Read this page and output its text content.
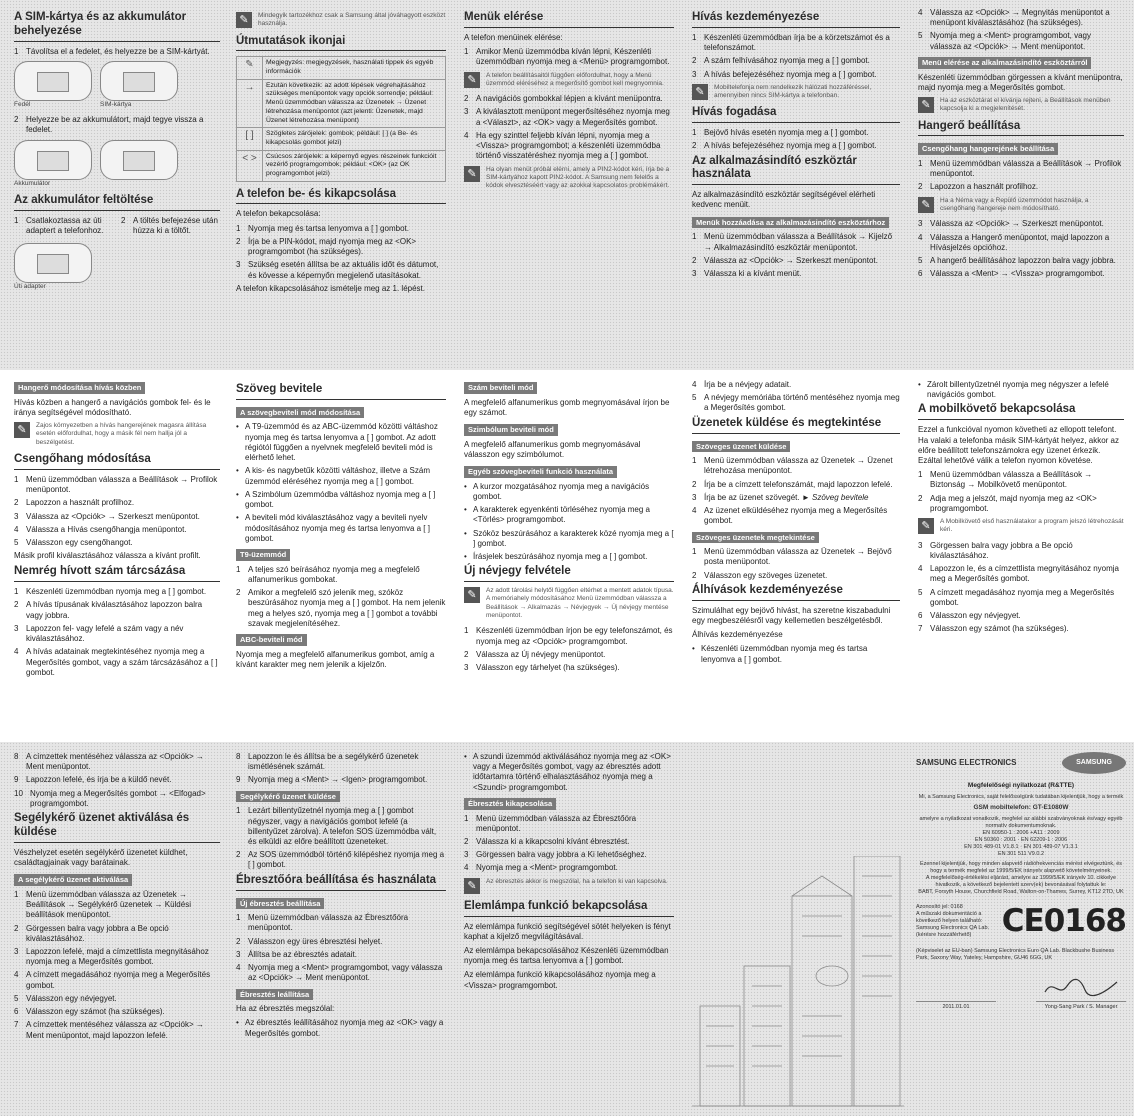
A SIM-kártya és az akkumulátor behelyezése
1 Távolítsa el a fedelet, és helyezze be a SIM-kártyát.
Fedél	SIM-kártya
2 Helyezze be az akkumulátort, majd tegye vissza a fedelet.
Akkumulátor
Az akkumulátor feltöltése
1 Csatlakoztassa az úti adaptert a telefonhoz.
2 A töltés befejezése után húzza ki a töltőt.
Úti adapter
✎	Mindegyik tartozékhoz csak a Samsung által jóváhagyott eszközt használja.
Útmutatások ikonjai
✎	Megjegyzés: megjegyzések, használati tippek és egyéb információk
→	Ezután következik: az adott lépések végrehajtásához szükséges menüpontok vagy opciók sorrendje; például: Menü üzemmódban válassza az Üzenetek → Üzenet létrehozása menüpontot (azt jelenti: Üzenetek, majd Üzenet létrehozása menüpont)
[ ]	Szögletes zárójelek: gombok; például: [ ] (a Be- és kikapcsolás gombot jelzi)
< >	Csúcsos zárójelek: a képernyő egyes részeinek funkcióit vezérlő programgombok; például: <OK> (az OK programgombot jelzi)
A telefon be- és kikapcsolása
A telefon bekapcsolása:
1 Nyomja meg és tartsa lenyomva a [ ] gombot.
2 Írja be a PIN-kódot, majd nyomja meg az <OK> programgombot (ha szükséges).
3 Szükség esetén állítsa be az aktuális időt és dátumot, és kövesse a képernyőn megjelenő utasításokat.
A telefon kikapcsolásához ismételje meg az 1. lépést.
Menük elérése
A telefon menüinek elérése:
1 Amikor Menü üzemmódba kíván lépni, Készenléti üzemmódban nyomja meg a <Menü> programgombot.
✎	A telefon beállításaitól függően előfordulhat, hogy a Menü üzemmód eléréséhez a megerősítő gombot kell megnyomnia.
2 A navigációs gombokkal lépjen a kívánt menüpontra.
3 A kiválasztott menüpont megerősítéséhez nyomja meg a <Választ>, az <OK> vagy a Megerősítés gombot.
4 Ha egy szinttel feljebb kíván lépni, nyomja meg a <Vissza> programgombot; a készenléti üzemmódba történő visszatéréshez nyomja meg a [ ] gombot.
✎	Ha olyan menüt próbál elérni, amely a PIN2-kódot kéri, írja be a SIM-kártyához kapott PIN2-kódot. A Samsung nem felelős a kódok elvesztéséért vagy az azokkal kapcsolatos problémákért.
Hívás kezdeményezése
1 Készenléti üzemmódban írja be a körzetszámot és a telefonszámot.
2 A szám felhívásához nyomja meg a [ ] gombot.
3 A hívás befejezéséhez nyomja meg a [ ] gombot.
✎	Mobiltelefonja nem rendelkezik hálózati hozzáféréssel, amennyiben nincs SIM-kártya a telefonban.
Hívás fogadása
1 Bejövő hívás esetén nyomja meg a [ ] gombot.
2 A hívás befejezéséhez nyomja meg a [ ] gombot.
Az alkalmazásindító eszköztár használata
Az alkalmazásindító eszköztár segítségével elérheti kedvenc menüit.
Menük hozzáadása az alkalmazásindító eszköztárhoz
1 Menü üzemmódban válassza a Beállítások → Kijelző → Alkalmazásindító eszköztár menüpontot.
2 Válassza az <Opciók> → Szerkeszt menüpontot.
3 Válassza ki a kívánt menüt.
4 Válassza az <Opciók> → Megnyitás menüpontot a menüpont kiválasztásához (ha szükséges).
5 Nyomja meg a <Ment> programgombot, vagy válassza az <Opciók> → Ment menüpontot.
Menü elérése az alkalmazásindító eszköztárról
Készenléti üzemmódban görgessen a kívánt menüpontra, majd nyomja meg a Megerősítés gombot.
✎	Ha az eszköztárat el kívánja rejteni, a Beállítások menüben kapcsolja ki a megjelenítését.
Hangerő beállítása
Csengőhang hangerejének beállítása
1 Menü üzemmódban válassza a Beállítások → Profilok menüpontot.
2 Lapozzon a használt profilhoz.
✎	Ha a Néma vagy a Repülő üzemmódot használja, a csengőhang hangereje nem módosítható.
3 Válassza az <Opciók> → Szerkeszt menüpontot.
4 Válassza a Hangerő menüpontot, majd lapozzon a Hívásjelzés opcióhoz.
5 A hangerő beállításához lapozzon balra vagy jobbra.
6 Válassza a <Ment> → <Vissza> programgombot.
Hangerő módosítása hívás közben
Hívás közben a hangerő a navigációs gombok fel- és le iránya segítségével módosítható.
✎	Zajos környezetben a hívás hangerejének magasra állítása esetén előfordulhat, hogy a másik fél nem hallja jól a beszélgetést.
Csengőhang módosítása
1 Menü üzemmódban válassza a Beállítások → Profilok menüpontot.
2 Lapozzon a használt profilhoz.
3 Válassza az <Opciók> → Szerkeszt menüpontot.
4 Válassza a Hívás csengőhangja menüpontot.
5 Válasszon egy csengőhangot.
Másik profil kiválasztásához válassza a kívánt profilt.
Nemrég hívott szám tárcsázása
1 Készenléti üzemmódban nyomja meg a [ ] gombot.
2 A hívás típusának kiválasztásához lapozzon balra vagy jobbra.
3 Lapozzon fel- vagy lefelé a szám vagy a név kiválasztásához.
4 A hívás adatainak megtekintéséhez nyomja meg a Megerősítés gombot, vagy a szám tárcsázásához a [ ] gombot.
Szöveg bevitele
A szövegbeviteli mód módosítása
• A T9-üzemmód és az ABC-üzemmód közötti váltáshoz nyomja meg és tartsa lenyomva a [ ] gombot. Az adott régiótól függően a nyelvnek megfelelő beviteli mód is elérhető lehet.
• A kis- és nagybetűk közötti váltáshoz, illetve a Szám üzemmód eléréséhez nyomja meg a [ ] gombot.
• A Szimbólum üzemmódba váltáshoz nyomja meg a [ ] gombot.
• A beviteli mód kiválasztásához vagy a beviteli nyelv módosításához nyomja meg és tartsa lenyomva a [ ] gombot.
T9-üzemmód
1 A teljes szó beírásához nyomja meg a megfelelő alfanumerikus gombokat.
2 Amikor a megfelelő szó jelenik meg, szóköz beszúrásához nyomja meg a [ ] gombot. Ha nem jelenik meg a helyes szó, nyomja meg a [ ] gombot a további szavak megjelenítéséhez.
ABC-beviteli mód
Nyomja meg a megfelelő alfanumerikus gombot, amíg a kívánt karakter meg nem jelenik a kijelzőn.
Szám beviteli mód
A megfelelő alfanumerikus gomb megnyomásával írjon be egy számot.
Szimbólum beviteli mód
A megfelelő alfanumerikus gomb megnyomásával válasszon egy szimbólumot.
Egyéb szövegbeviteli funkció használata
• A kurzor mozgatásához nyomja meg a navigációs gombot.
• A karakterek egyenkénti törléséhez nyomja meg a <Törlés> programgombot.
• Szóköz beszúrásához a karakterek közé nyomja meg a [ ] gombot.
• Írásjelek beszúrásához nyomja meg a [ ] gombot.
Új névjegy felvétele
✎	Az adott tárolási helytől függően eltérhet a mentett adatok típusa. A memóriahely módosításához Menü üzemmódban válassza a Beállítások → Alkalmazás → Névjegyek → Új névjegy mentése menüpontot.
1 Készenléti üzemmódban írjon be egy telefonszámot, és nyomja meg az <Opciók> programgombot.
2 Válassza az Új névjegy menüpontot.
3 Válasszon egy tárhelyet (ha szükséges).
4 Írja be a névjegy adatait.
5 A névjegy memóriába történő mentéséhez nyomja meg a Megerősítés gombot.
Üzenetek küldése és megtekintése
Szöveges üzenet küldése
1 Menü üzemmódban válassza az Üzenetek → Üzenet létrehozása menüpontot.
2 Írja be a címzett telefonszámát, majd lapozzon lefelé.
3 Írja be az üzenet szövegét. ► Szöveg bevitele
4 Az üzenet elküldéséhez nyomja meg a Megerősítés gombot.
Szöveges üzenetek megtekintése
1 Menü üzemmódban válassza az Üzenetek → Bejövő posta menüpontot.
2 Válasszon egy szöveges üzenetet.
Álhívások kezdeményezése
Szimulálhat egy bejövő hívást, ha szeretne kiszabadulni egy megbeszélésről vagy kellemetlen beszélgetésből.
Álhívás kezdeményezése
• Készenléti üzemmódban nyomja meg és tartsa lenyomva a [ ] gombot.
• Zárolt billentyűzetnél nyomja meg négyszer a lefelé navigációs gombot.
A mobilkövető bekapcsolása
Ezzel a funkcióval nyomon követheti az ellopott telefont. Ha valaki a telefonba másik SIM-kártyát helyez, akkor az előre beállított telefonszámokra egy üzenet érkezik. Ezáltal lehetővé válik a telefon nyomon követése.
1 Menü üzemmódban válassza a Beállítások → Biztonság → Mobilkövető menüpontot.
2 Adja meg a jelszót, majd nyomja meg az <OK> programgombot.
✎	A Mobilkövető első használatakor a program jelszó létrehozását kéri.
3 Görgessen balra vagy jobbra a Be opció kiválasztásához.
4 Lapozzon le, és a címzettlista megnyitásához nyomja meg a Megerősítés gombot.
5 A címzett megadásához nyomja meg a Megerősítés gombot.
6 Válasszon egy névjegyet.
7 Válasszon egy számot (ha szükséges).
8 A címzettek mentéséhez válassza az <Opciók> → Ment menüpontot.
9 Lapozzon lefelé, és írja be a küldő nevét.
10 Nyomja meg a Megerősítés gombot → <Elfogad> programgombot.
Segélykérő üzenet aktiválása és küldése
Vészhelyzet esetén segélykérő üzenetet küldhet, családtagjainak vagy barátainak.
A segélykérő üzenet aktiválása
1 Menü üzemmódban válassza az Üzenetek → Beállítások → Segélykérő üzenetek → Küldési beállítások menüpontot.
2 Görgessen balra vagy jobbra a Be opció kiválasztásához.
3 Lapozzon lefelé, majd a címzettlista megnyitásához nyomja meg a Megerősítés gombot.
4 A címzett megadásához nyomja meg a Megerősítés gombot.
5 Válasszon egy névjegyet.
6 Válasszon egy számot (ha szükséges).
7 A címzettek mentéséhez válassza az <Opciók> → Ment menüpontot, majd lapozzon lefelé.
8 Lapozzon le és állítsa be a segélykérő üzenetek ismétlésének számát.
9 Nyomja meg a <Ment> → <Igen> programgombot.
Segélykérő üzenet küldése
1 Lezárt billentyűzetnél nyomja meg a [ ] gombot négyszer, vagy a navigációs gombot lefelé (a billentyűzet zárolva). A telefon SOS üzemmódba vált, és elküldi az előre beállított üzeneteket.
2 Az SOS üzemmódból történő kilépéshez nyomja meg a [ ] gombot.
Ébresztőóra beállítása és használata
Új ébresztés beállítása
1 Menü üzemmódban válassza az Ébresztőóra menüpontot.
2 Válasszon egy üres ébresztési helyet.
3 Állítsa be az ébresztés adatait.
4 Nyomja meg a <Ment> programgombot, vagy válassza az <Opciók> → Ment menüpontot.
Ébresztés leállítása
Ha az ébresztés megszólal:
• Az ébresztés leállításához nyomja meg az <OK> vagy a Megerősítés gombot.
• A szundi üzemmód aktiválásához nyomja meg az <OK> vagy a Megerősítés gombot, vagy az ébresztés adott időtartamra történő elhalasztásához nyomja meg a <Szundi> programgombot.
Ébresztés kikapcsolása
1 Menü üzemmódban válassza az Ébresztőóra menüpontot.
2 Válassza ki a kikapcsolni kívánt ébresztést.
3 Görgessen balra vagy jobbra a Ki lehetőséghez.
4 Nyomja meg a <Ment> programgombot.
✎	Az ébresztés akkor is megszólal, ha a telefon ki van kapcsolva.
Elemlámpa funkció bekapcsolása
Az elemlámpa funkció segítségével sötét helyeken is fényt kaphat a kijelző megvilágításával.
Az elemlámpa bekapcsolásához Készenléti üzemmódban nyomja meg és tartsa lenyomva a [ ] gombot.
Az elemlámpa funkció kikapcsolásához nyomja meg a <Vissza> programgombot.
SAMSUNG ELECTRONICS	SAMSUNG
Megfelelőségi nyilatkozat (R&TTE)
Mi, a Samsung Electronics, saját felelősségünk tudatában kijelentjük, hogy a termék
GSM mobiltelefon: GT-E1080W
amelyre a nyilatkozat vonatkozik, megfelel az alábbi szabványoknak és/vagy egyéb normatív dokumentumoknak.
EN 60950-1 : 2006 +A11 : 2009
EN 50360 : 2001 · EN 62209-1 : 2006
EN 301 489-01 V1.8.1 · EN 301 489-07 V1.3.1
EN 301 511 V9.0.2
Ezennel kijelentjük, hogy minden alapvető rádiófrekvenciás mérést elvégeztünk, és hogy a termék megfelel az 1999/5/EK irányelv alapvető követelményeinek.
A megfelelőség-értékelési eljárást, amelyre az 1999/5/EK irányelv 10. cikkelye hivatkozik, a következő bejelentett szerv(ek) bevonásával folytattuk le:
BABT, Forsyth House, Churchfield Road, Walton-on-Thames, Surrey, KT12 2TD, UK
Azonosító jel: 0168
A műszaki dokumentáció a következő helyen található:
Samsung Electronics QA Lab.
(kérésre hozzáférhető) CE0168
(Képviselet az EU-ban) Samsung Electronics Euro QA Lab. Blackbushe Business Park, Saxony Way, Yateley, Hampshire, GU46 6GG, UK
2011.01.01	Yong-Sang Park / S. Manager
